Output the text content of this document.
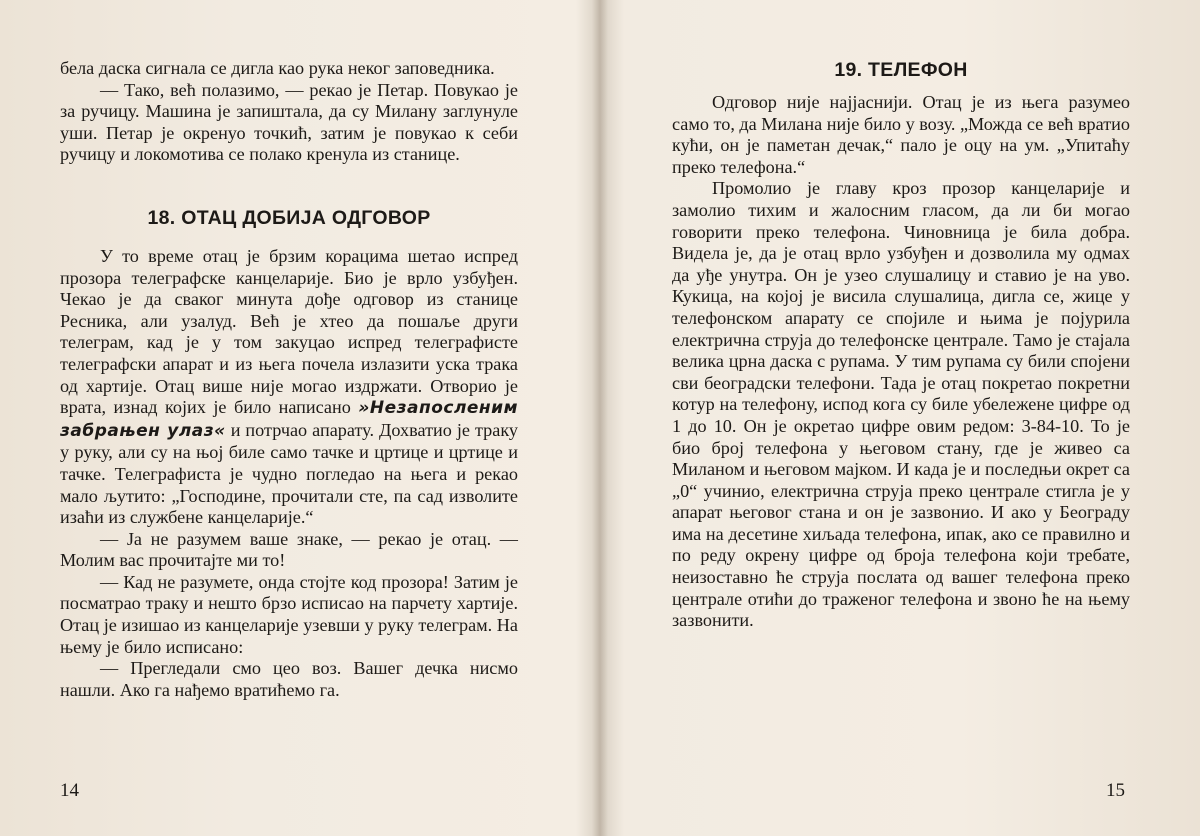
бела даска сигнала се дигла као рука неког заповедника.

— Тако, већ полазимо, — рекао је Петар. Повукао је за ручицу. Машина је запиштала, да су Милану заглунуле уши. Петар је окренуо точкић, затим је повукао к себи ручицу и локомотива се полако кренула из станице.

18. ОТАЦ ДОБИЈА ОДГОВОР

У то време отац је брзим корацима шетао испред прозора телеграфске канцеларије. Био је врло узбуђен. Чекао је да сваког минута дође одговор из станице Ресника, али узалуд. Већ је хтео да пошаље други телеграм, кад је у том закуцао испред телеграфисте телеграфски апарат и из њега почела излазити уска трака од хартије. Отац више није могао издржати. Отворио је врата, изнад којих је било написано »Незапосленим забрањен улаз« и потрчао апарату. Дохватио је траку у руку, али су на њој биле само тачке и цртице и цртице и тачке. Телеграфиста је чудно погледао на њега и рекао мало љутито: „Господине, прочитали сте, па сад изволите изаћи из службене канцеларије.“

— Ја не разумем ваше знаке, — рекао је отац. — Молим вас прочитајте ми то!

— Кад не разумете, онда стојте код прозора! Затим је посматрао траку и нешто брзо исписао на парчету хартије. Отац је изишао из канцеларије узевши у руку телеграм. На њему је било исписано:

— Прегледали смо цео воз. Вашег дечка нисмо нашли. Ако га нађемо вратићемо га.

14
19. ТЕЛЕФОН

Одговор није најјаснији. Отац је из њега разумео само то, да Милана није било у возу. „Можда се већ вратио кући, он је паметан дечак,“ пало је оцу на ум. „Упитаћу преко телефона.“

Промолио је главу кроз прозор канцеларије и замолио тихим и жалосним гласом, да ли би могао говорити преко телефона. Чиновница је била добра. Видела је, да је отац врло узбуђен и дозволила му одмах да уђе унутра. Он је узео слушалицу и ставио је на уво. Кукица, на којој је висила слушалица, дигла се, жице у телефонском апарату се спојиле и њима је појурила електрична струја до телефонске централе. Тамо је стајала велика црна даска с рупама. У тим рупама су били спојени сви београдски телефони. Тада је отац покретао покретни котур на телефону, испод кога су биле убележене цифре од 1 до 10. Он је окретао цифре овим редом: 3-84-10. То је био број телефона у његовом стану, где је живео са Миланом и његовом мајком. И када је и последњи окрет са „0“ учинио, електрична струја преко централе стигла је у апарат његовог стана и он је зазвонио. И ако у Београду има на десетине хиљада телефона, ипак, ако се правилно и по реду окрену цифре од броја телефона који требате, неизоставно ће струја послата од вашег телефона преко централе отићи до траженог телефона и звоно ће на њему зазвонити.

15
